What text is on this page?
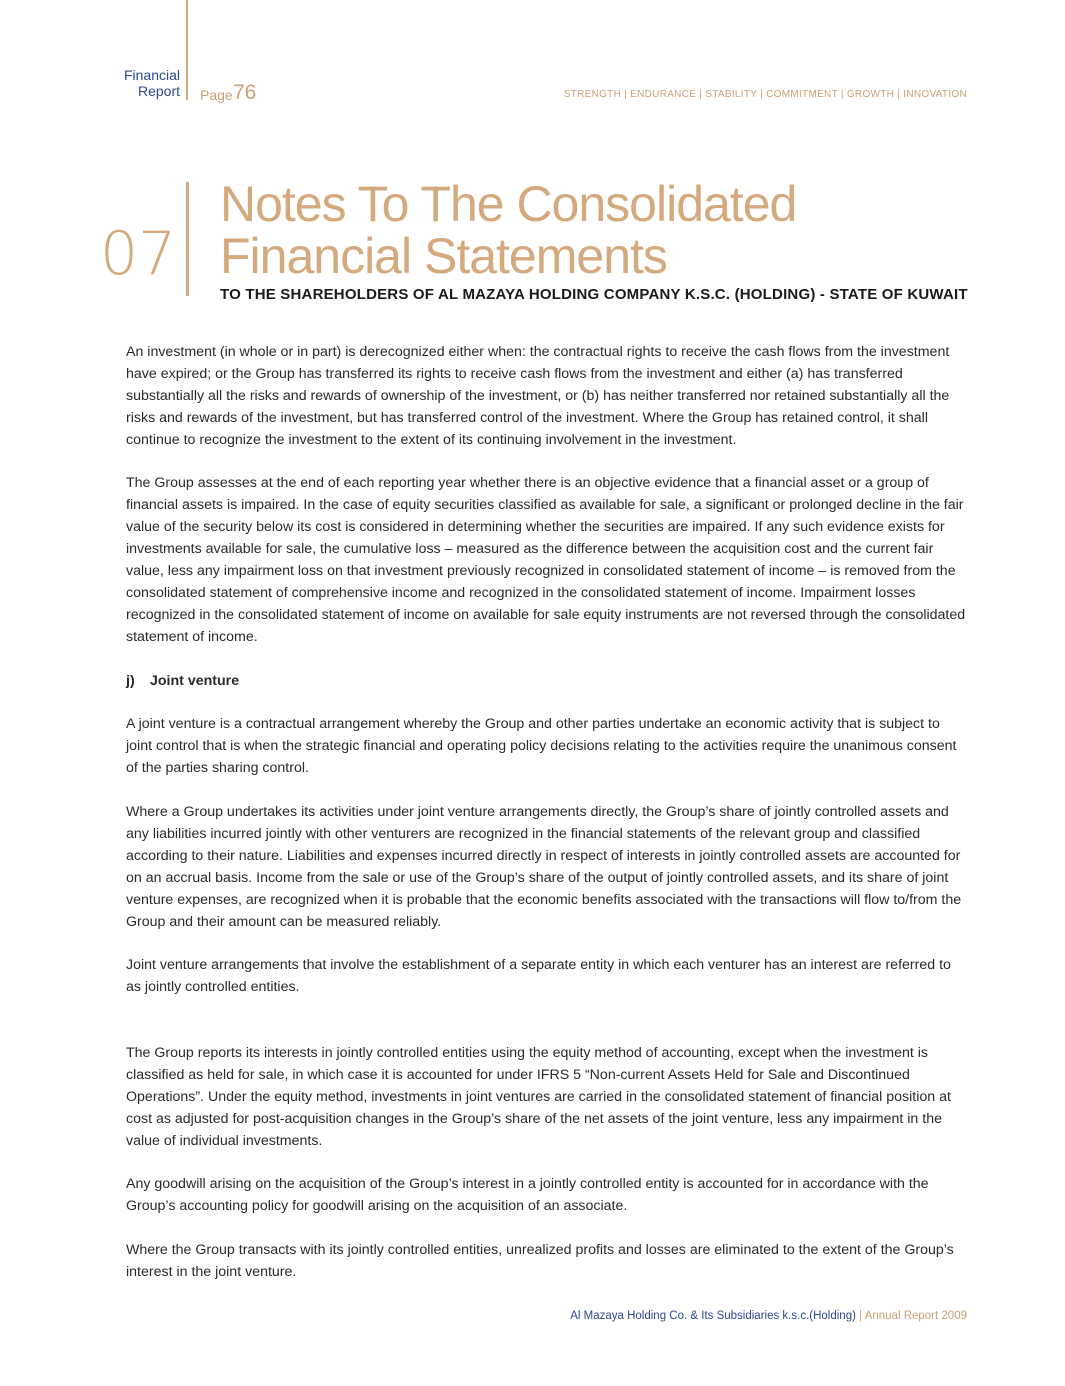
Financial
Report Page 76	STRENGTH | ENDURANCE | STABILITY | COMMITMENT | GROWTH | INNOVATION
07
Notes To The Consolidated
Financial Statements
TO THE SHAREHOLDERS OF AL MAZAYA HOLDING COMPANY K.S.C. (HOLDING) - STATE OF KUWAIT

An investment (in whole or in part) is derecognized either when: the contractual rights to receive the cash flows from the investment have expired; or the Group has transferred its rights to receive cash flows from the investment and either (a) has transferred substantially all the risks and rewards of ownership of the investment, or (b) has neither transferred nor retained substantially all the risks and rewards of the investment, but has transferred control of the investment. Where the Group has retained control, it shall continue to recognize the investment to the extent of its continuing involvement in the investment.

The Group assesses at the end of each reporting year whether there is an objective evidence that a financial asset or a group of financial assets is impaired. In the case of equity securities classified as available for sale, a significant or prolonged decline in the fair value of the security below its cost is considered in determining whether the securities are impaired. If any such evidence exists for investments available for sale, the cumulative loss – measured as the difference between the acquisition cost and the current fair value, less any impairment loss on that investment previously recognized in consolidated statement of income – is removed from the consolidated statement of comprehensive income and recognized in the consolidated statement of income. Impairment losses recognized in the consolidated statement of income on available for sale equity instruments are not reversed through the consolidated statement of income.

j) Joint venture

A joint venture is a contractual arrangement whereby the Group and other parties undertake an economic activity that is subject to joint control that is when the strategic financial and operating policy decisions relating to the activities require the unanimous consent of the parties sharing control.

Where a Group undertakes its activities under joint venture arrangements directly, the Group’s share of jointly controlled assets and any liabilities incurred jointly with other venturers are recognized in the financial statements of the relevant group and classified according to their nature. Liabilities and expenses incurred directly in respect of interests in jointly controlled assets are accounted for on an accrual basis. Income from the sale or use of the Group’s share of the output of jointly controlled assets, and its share of joint venture expenses, are recognized when it is probable that the economic benefits associated with the transactions will flow to/from the Group and their amount can be measured reliably.

Joint venture arrangements that involve the establishment of a separate entity in which each venturer has an interest are referred to as jointly controlled entities.

The Group reports its interests in jointly controlled entities using the equity method of accounting, except when the investment is classified as held for sale, in which case it is accounted for under IFRS 5 “Non-current Assets Held for Sale and Discontinued Operations”. Under the equity method, investments in joint ventures are carried in the consolidated statement of financial position at cost as adjusted for post-acquisition changes in the Group’s share of the net assets of the joint venture, less any impairment in the value of individual investments.

Any goodwill arising on the acquisition of the Group’s interest in a jointly controlled entity is accounted for in accordance with the Group’s accounting policy for goodwill arising on the acquisition of an associate.

Where the Group transacts with its jointly controlled entities, unrealized profits and losses are eliminated to the extent of the Group’s interest in the joint venture.

Al Mazaya Holding Co. & Its Subsidiaries k.s.c.(Holding) | Annual Report 2009
